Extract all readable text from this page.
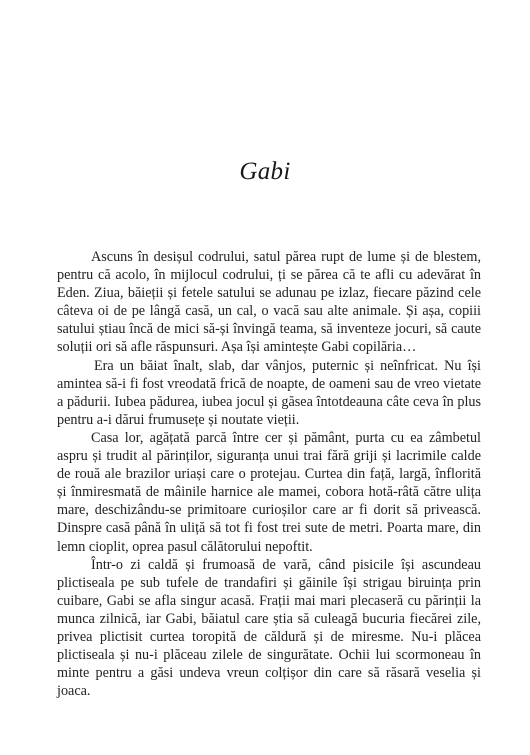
Gabi

Ascuns în desișul codrului, satul părea rupt de lume și de blestem, pentru că acolo, în mijlocul codrului, ți se părea că te afli cu adevărat în Eden. Ziua, băieții și fetele satului se adunau pe izlaz, fiecare păzind cele câteva oi de pe lângă casă, un cal, o vacă sau alte animale. Și așa, copiii satului știau încă de mici să-și învingă teama, să inventeze jocuri, să caute soluții ori să afle răspunsuri. Așa își amintește Gabi copilăria…

Era un băiat înalt, slab, dar vânjos, puternic și neînfricat. Nu își amintea să-i fi fost vreodată frică de noapte, de oameni sau de vreo vietate a pădurii. Iubea pădurea, iubea jocul și găsea întotdeauna câte ceva în plus pentru a-i dărui frumusețe și noutate vieții.

Casa lor, agățată parcă între cer și pământ, purta cu ea zâmbetul aspru și trudit al părinților, siguranța unui trai fără griji și lacrimile calde de rouă ale brazilor uriași care o protejau. Curtea din față, largă, înflorită și înmiresmată de mâinile harnice ale mamei, cobora hotă-râtă către ulița mare, deschizându-se primitoare curioșilor care ar fi dorit să privească. Dinspre casă până în uliță să tot fi fost trei sute de metri. Poarta mare, din lemn cioplit, oprea pasul călătorului nepoftit.

Într-o zi caldă și frumoasă de vară, când pisicile își ascundeau plictiseala pe sub tufele de trandafiri și găinile își strigau biruința prin cuibare, Gabi se afla singur acasă. Frații mai mari plecaseră cu părinții la munca zilnică, iar Gabi, băiatul care știa să culeagă bucuria fiecărei zile, privea plictisit curtea toropită de căldură și de miresme. Nu-i plăcea plictiseala și nu-i plăceau zilele de singurătate. Ochii lui scormoneau în minte pentru a găsi undeva vreun colțișor din care să răsară veselia și joaca.
